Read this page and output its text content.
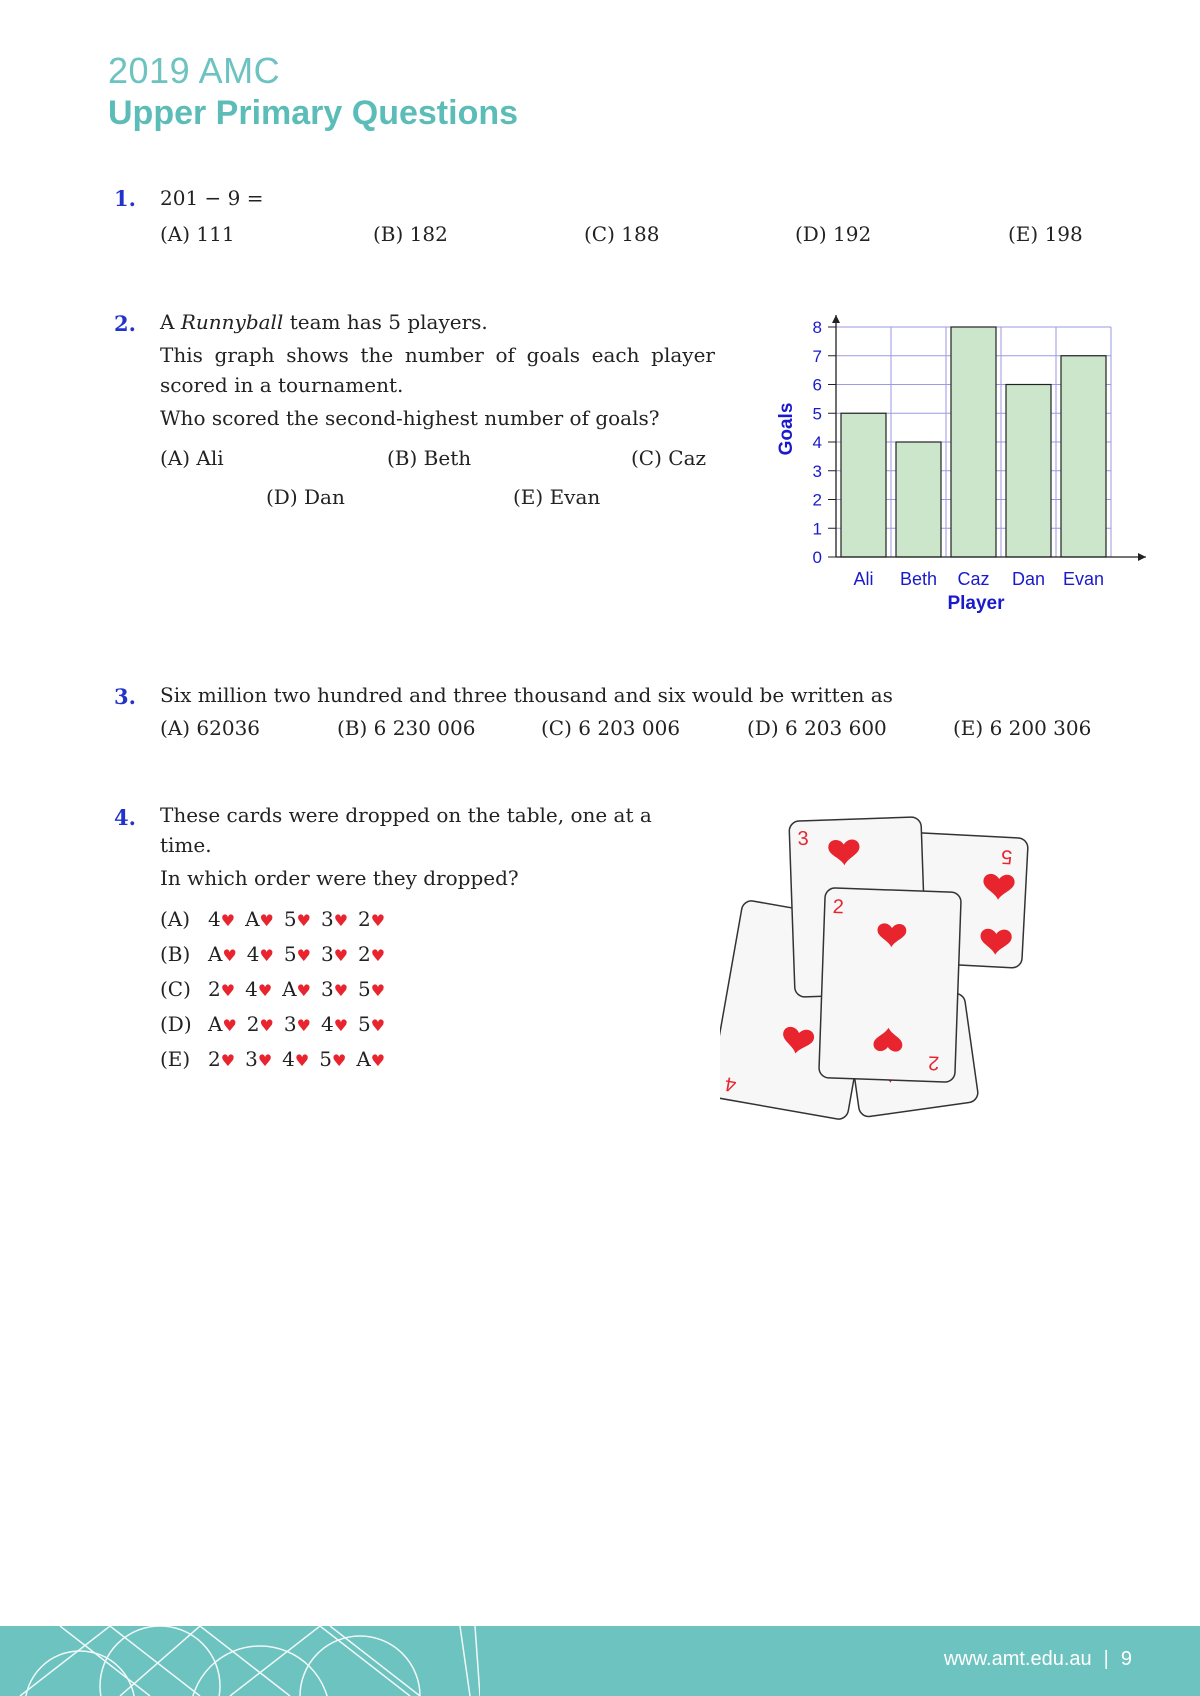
2019 AMC
Upper Primary Questions
1. 201 − 9 =
(A) 111	(B) 182	(C) 188	(D) 192	(E) 198
2. A Runnyball team has 5 players.
This graph shows the number of goals each player scored in a tournament.
Who scored the second-highest number of goals?
(A) Ali	(B) Beth	(C) Caz
(D) Dan	(E) Evan
0
1
2
3
4
5
6
7
8
Ali Beth Caz Dan Evan
Player
Goals
3. Six million two hundred and three thousand and six would be written as
(A) 62036	(B) 6 230 006	(C) 6 203 006	(D) 6 203 600	(E) 6 200 306
4. These cards were dropped on the table, one at a time.
In which order were they dropped?
(A) 4♥ A♥ 5♥ 3♥ 2♥
(B) A♥ 4♥ 5♥ 3♥ 2♥
(C) 2♥ 4♥ A♥ 3♥ 5♥
(D) A♥ 2♥ 3♥ 4♥ 5♥
(E) 2♥ 3♥ 4♥ 5♥ A♥
4
5
3
2
2
www.amt.edu.au | 9
